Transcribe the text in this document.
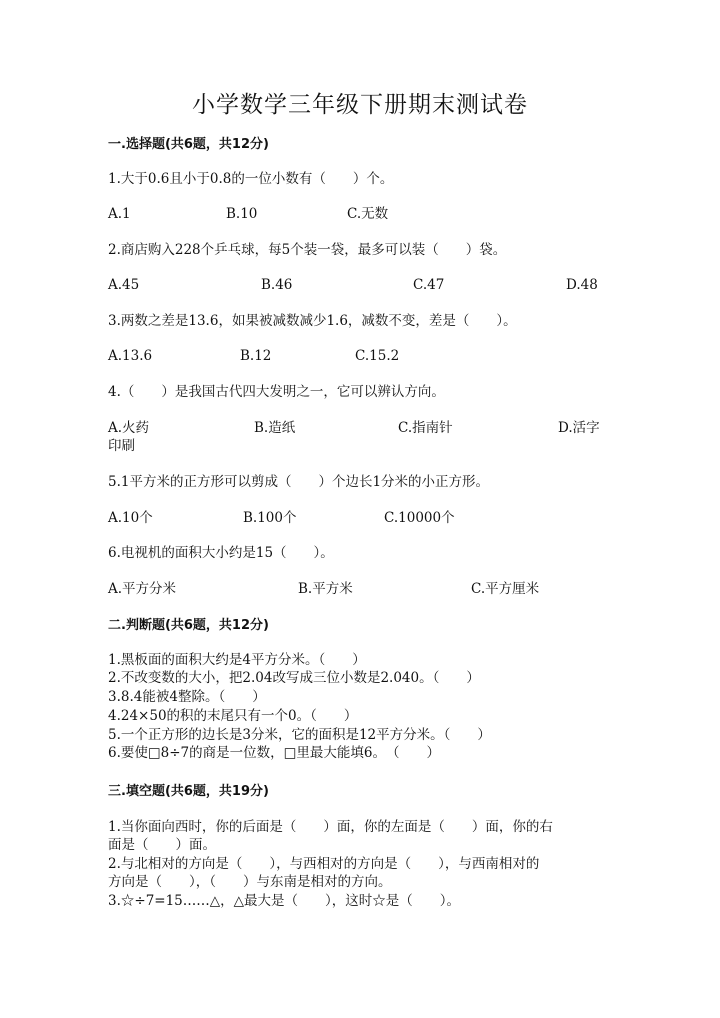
小学数学三年级下册期末测试卷
一.选择题(共6题，共12分)
1.大于0.6且小于0.8的一位小数有（　　）个。
A.1	B.10	C.无数
2.商店购入228个乒乓球，每5个装一袋，最多可以装（　　）袋。
A.45	B.46	C.47	D.48
3.两数之差是13.6，如果被减数减少1.6，减数不变，差是（　　）。
A.13.6	B.12	C.15.2
4.（　　）是我国古代四大发明之一，它可以辨认方向。
A.火药	B.造纸	C.指南针	D.活字
印刷
5.1平方米的正方形可以剪成（　　）个边长1分米的小正方形。
A.10个	B.100个	C.10000个
6.电视机的面积大小约是15（　　）。
A.平方分米	B.平方米	C.平方厘米
二.判断题(共6题，共12分)
1.黑板面的面积大约是4平方分米。（　　）
2.不改变数的大小，把2.04改写成三位小数是2.040。（　　）
3.8.4能被4整除。（　　）
4.24×50的积的末尾只有一个0。（　　）
5.一个正方形的边长是3分米，它的面积是12平方分米。（　　）
6.要使□8÷7的商是一位数，□里最大能填6。　（　　）
三.填空题(共6题，共19分)
1.当你面向西时，你的后面是（　　）面，你的左面是（　　）面，你的右
面是（　　）面。
2.与北相对的方向是（　　），与西相对的方向是（　　），与西南相对的
方向是（　　），（　　）与东南是相对的方向。
3.☆÷7=15……△，△最大是（　　），这时☆是（　　）。
